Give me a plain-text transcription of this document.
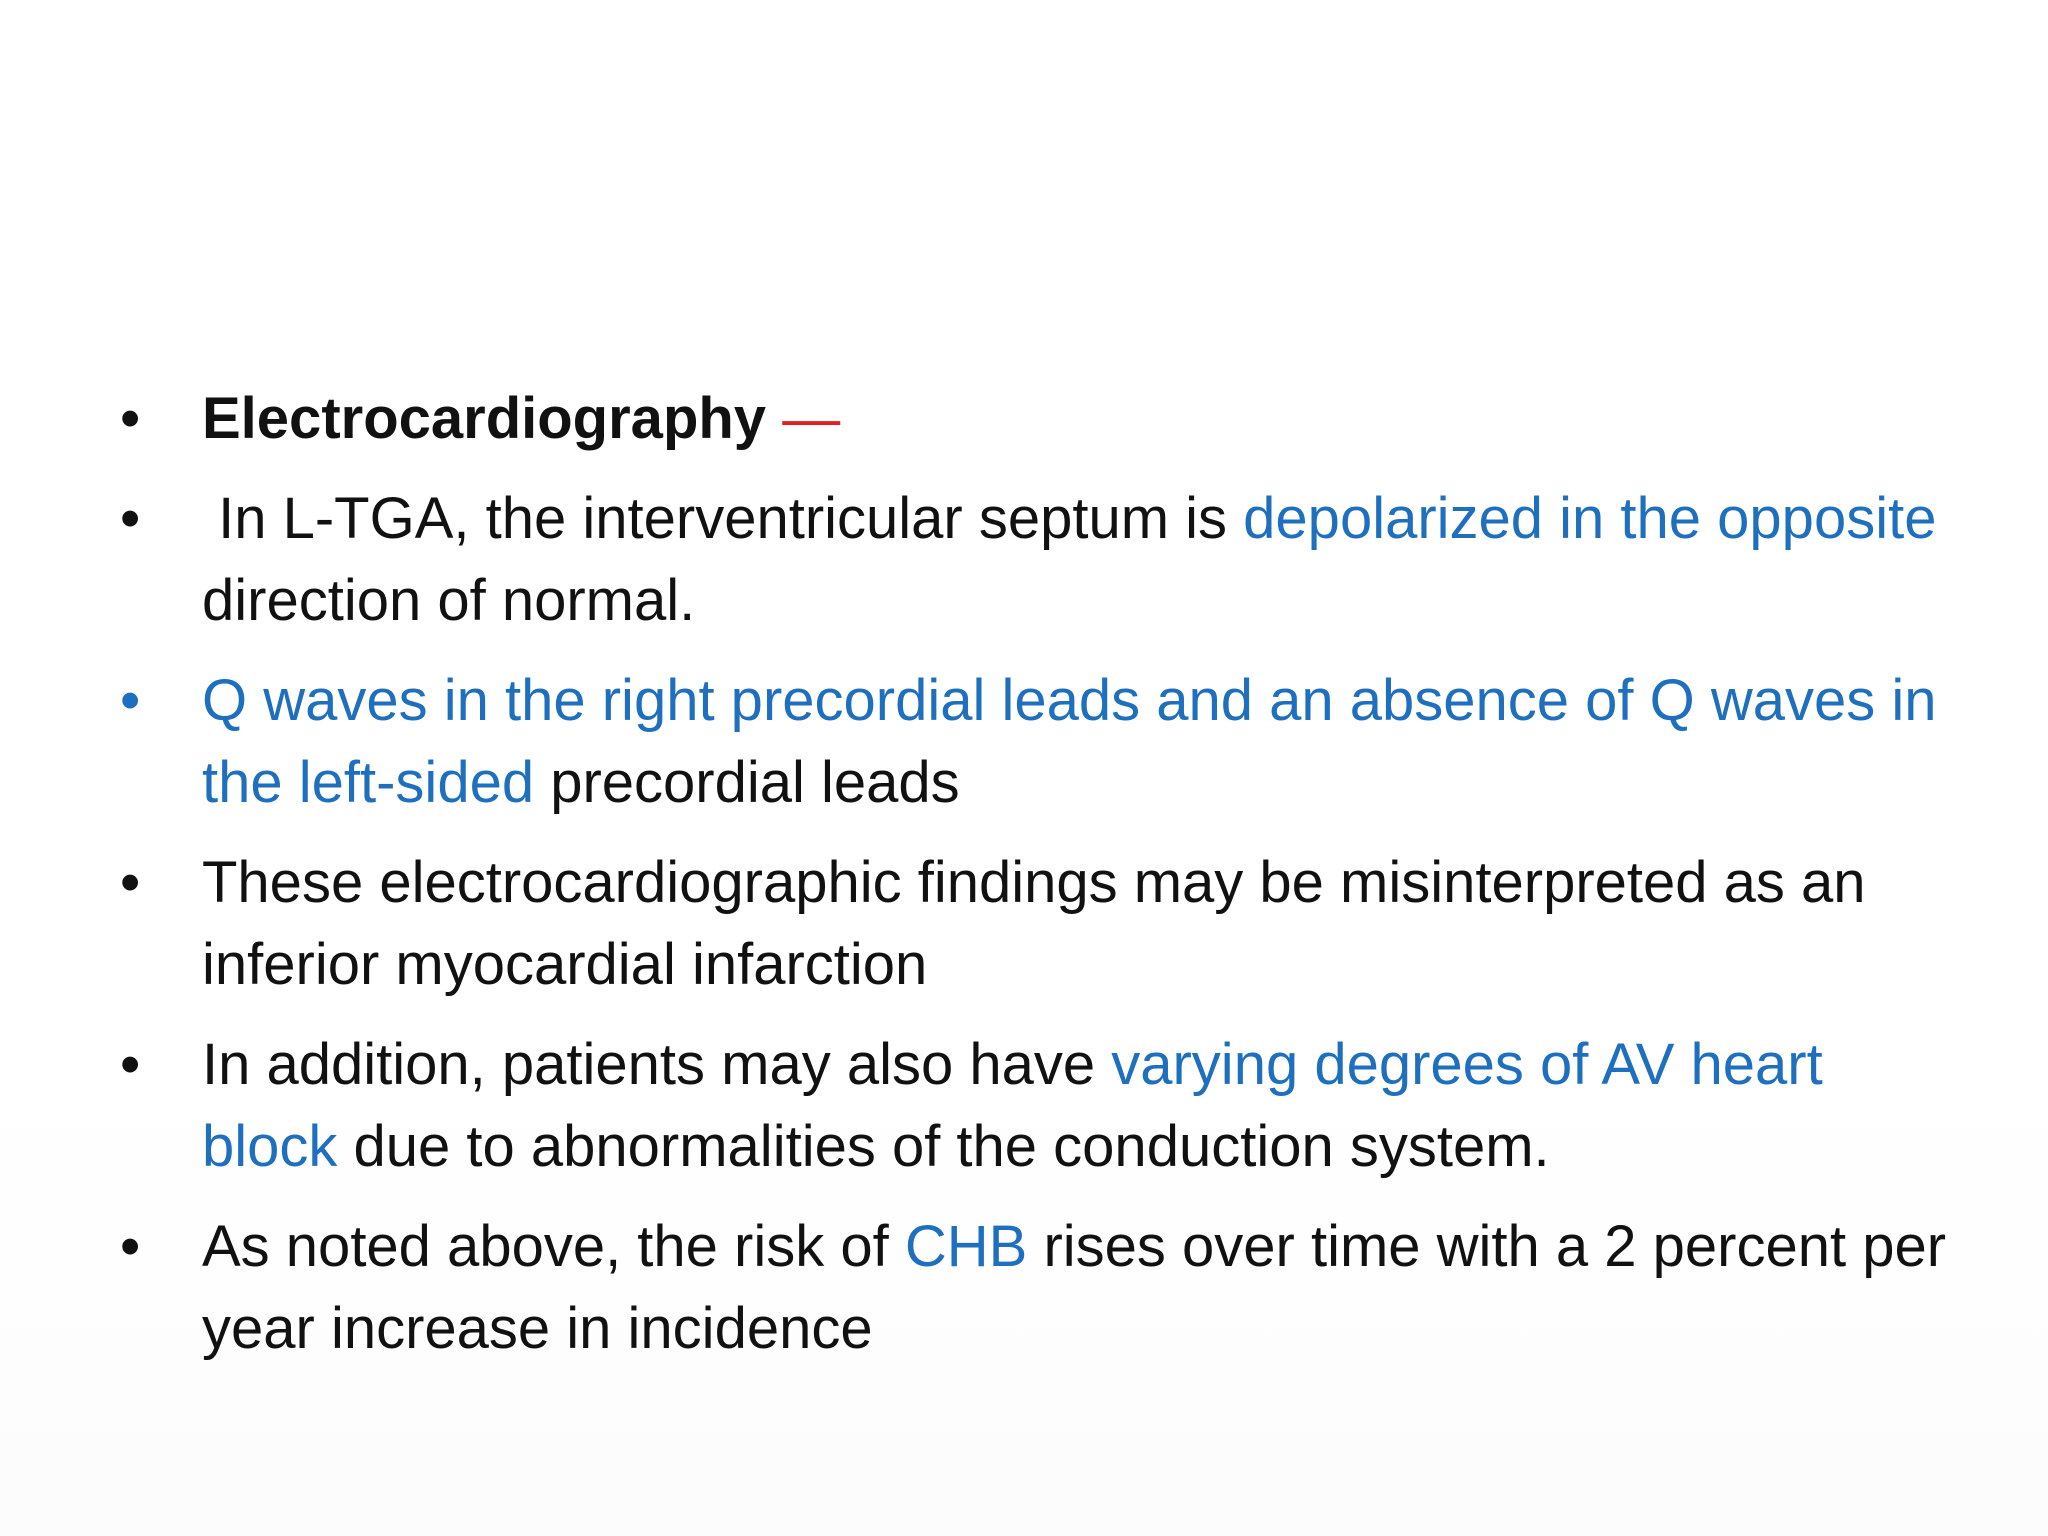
• Electrocardiography —
• In L-TGA, the interventricular septum is depolarized in the opposite direction of normal.
• Q waves in the right precordial leads and an absence of Q waves in the left-sided precordial leads
• These electrocardiographic findings may be misinterpreted as an inferior myocardial infarction
• In addition, patients may also have varying degrees of AV heart block due to abnormalities of the conduction system.
• As noted above, the risk of CHB rises over time with a 2 percent per year increase in incidence
